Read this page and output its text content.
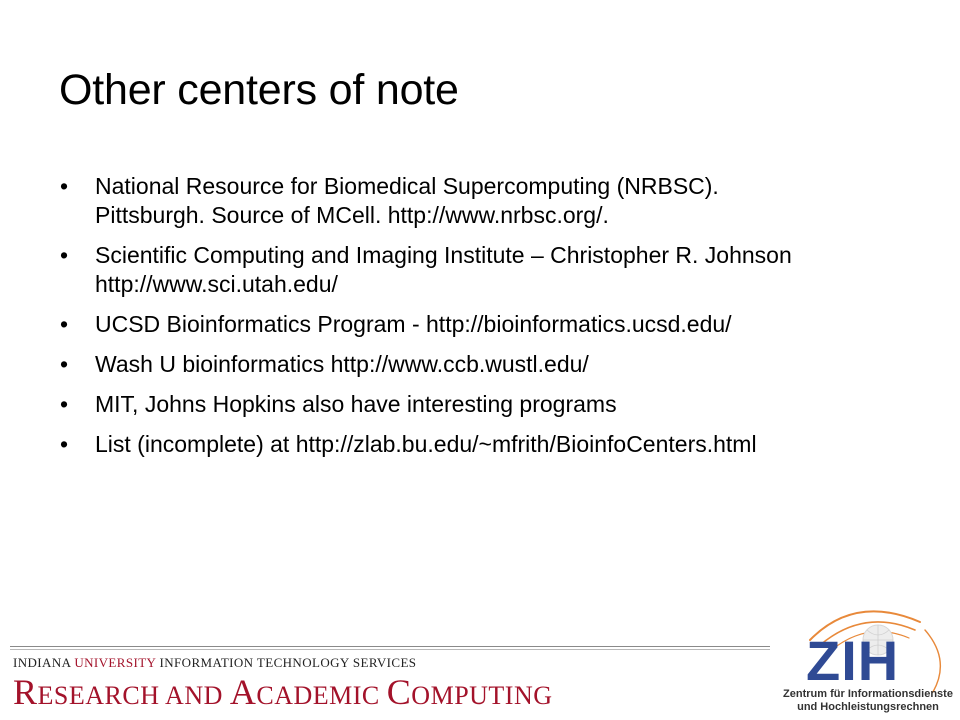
Other centers of note
• National Resource for Biomedical Supercomputing (NRBSC).
Pittsburgh. Source of MCell. http://www.nrbsc.org/.
• Scientific Computing and Imaging Institute – Christopher R. Johnson
http://www.sci.utah.edu/
• UCSD Bioinformatics Program - http://bioinformatics.ucsd.edu/
• Wash U bioinformatics http://www.ccb.wustl.edu/
• MIT, Johns Hopkins also have interesting programs
• List (incomplete) at http://zlab.bu.edu/~mfrith/BioinfoCenters.html
INDIANA UNIVERSITY INFORMATION TECHNOLOGY SERVICES
RESEARCH AND ACADEMIC COMPUTING
ZIH
Zentrum für Informationsdienste
und Hochleistungsrechnen
